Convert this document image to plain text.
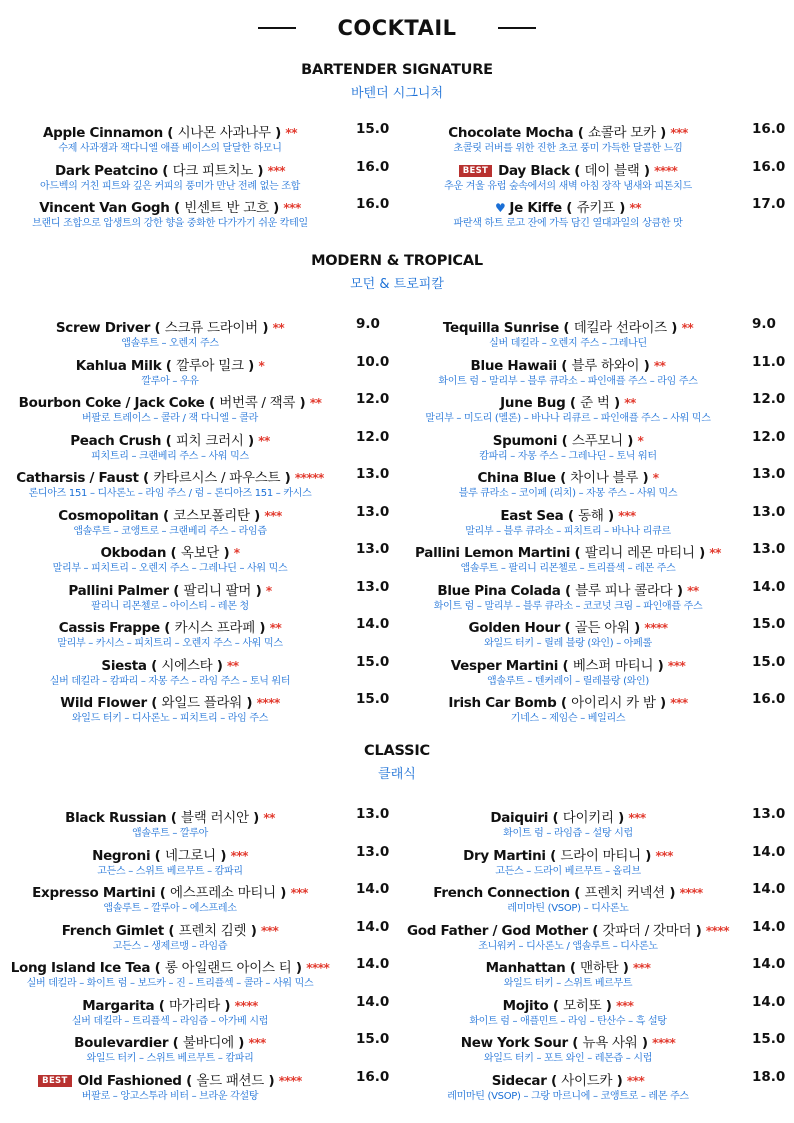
COCKTAIL
BARTENDER SIGNATURE
바텐더 시그니처
Apple Cinnamon ( 시나몬 사과나무 ) **	15.0
수제 사과잼과 잭다니엘 애플 베이스의 달달한 하모니
Dark Peatcino ( 다크 피트치노 ) ***	16.0
아드벡의 거친 피트와 깊은 커피의 풍미가 만난 전례 없는 조합
Vincent Van Gogh ( 빈센트 반 고흐 ) ***	16.0
브랜디 조합으로 압생트의 강한 향을 중화한 다가가기 쉬운 칵테일
Chocolate Mocha ( 쇼콜라 모카 ) ***	16.0
초콜릿 러버를 위한 진한 초코 풍미 가득한 달콤한 느낌
BEST Day Black ( 데이 블랙 ) ****	16.0
추운 겨울 유럽 숲속에서의 새벽 아침 장작 냄새와 피톤치드
♥ Je Kiffe ( 쥬키프 ) **	17.0
파란색 하트 로고 잔에 가득 담긴 열대과일의 상큼한 맛
MODERN & TROPICAL
모던 & 트로피칼
Screw Driver ( 스크류 드라이버 ) **	9.0
앱솔루트 – 오렌지 주스
Kahlua Milk ( 깔루아 밀크 ) *	10.0
깔루아 – 우유
Bourbon Coke / Jack Coke ( 버번콕 / 잭콕 ) **	12.0
버팔로 트레이스 – 콜라 / 잭 다니엘 – 콜라
Peach Crush ( 피치 크러시 ) **	12.0
피치트리 – 크랜베리 주스 – 사워 믹스
Catharsis / Faust ( 카타르시스 / 파우스트 ) *****	13.0
론디아즈 151 – 디사론노 – 라임 주스 / 럼 – 론디아즈 151 – 카시스
Cosmopolitan ( 코스모폴리탄 ) ***	13.0
앱솔루트 – 코앵트로 – 크랜베리 주스 – 라임즙
Okbodan ( 옥보단 ) *	13.0
말리부 – 피치트리 – 오렌지 주스 – 그레나딘 – 사워 믹스
Pallini Palmer ( 팔리니 팔머 ) *	13.0
팔리니 리몬첼로 – 아이스티 – 레몬 청
Cassis Frappe ( 카시스 프라페 ) **	14.0
말리부 – 카시스 – 피치트리 – 오렌지 주스 – 사워 믹스
Siesta ( 시에스타 ) **	15.0
실버 데킬라 – 캄파리 – 자몽 주스 – 라임 주스 – 토닉 워터
Wild Flower ( 와일드 플라워 ) ****	15.0
와일드 터키 – 디사론노 – 피치트리 – 라임 주스
Tequilla Sunrise ( 데킬라 선라이즈 ) **	9.0
실버 데킬라 – 오렌지 주스 – 그레나딘
Blue Hawaii ( 블루 하와이 ) **	11.0
화이트 럼 – 말리부 – 블루 큐라소 – 파인애플 주스 – 라임 주스
June Bug ( 준 벅 ) **	12.0
말리부 – 미도리 (멜론) – 바나나 리큐르 – 파인애플 주스 – 사워 믹스
Spumoni ( 스푸모니 ) *	12.0
캄파리 – 자몽 주스 – 그레나딘 – 토닉 워터
China Blue ( 차이나 블루 ) *	13.0
블루 큐라소 – 코이페 (리치) – 자몽 주스 – 사워 믹스
East Sea ( 동해 ) ***	13.0
말리부 – 블루 큐라소 – 피치트리 – 바나나 리큐르
Pallini Lemon Martini ( 팔리니 레몬 마티니 ) **	13.0
앱솔루트 – 팔리니 리몬첼로 – 트리플섹 – 레몬 주스
Blue Pina Colada ( 블루 피나 콜라다 ) **	14.0
화이트 럼 – 말리부 – 블루 큐라소 – 코코넛 크림 – 파인애플 주스
Golden Hour ( 골든 아워 ) ****	15.0
와일드 터키 – 릴레 블랑 (와인) – 아페롤
Vesper Martini ( 베스퍼 마티니 ) ***	15.0
앱솔루트 – 텐커레이 – 릴레블랑 (와인)
Irish Car Bomb ( 아이리시 카 밤 ) ***	16.0
기네스 – 제임슨 – 베일리스
CLASSIC
클래식
Black Russian ( 블랙 러시안 ) **	13.0
앱솔루트 – 깔루아
Negroni ( 네그로니 ) ***	13.0
고든스 – 스위트 베르무트 – 캄파리
Expresso Martini ( 에스프레소 마티니 ) ***	14.0
앱솔루트 – 깔루아 – 에스프레소
French Gimlet ( 프렌치 김렛 ) ***	14.0
고든스 – 생제르맹 – 라임즙
Long Island Ice Tea ( 롱 아일랜드 아이스 티 ) ****	14.0
실버 데킬라 – 화이트 럼 – 보드카 – 진 – 트리플섹 – 콜라 – 사워 믹스
Margarita ( 마가리타 ) ****	14.0
실버 데킬라 – 트리플섹 – 라임즙 – 아가베 시럽
Boulevardier ( 불바디에 ) ***	15.0
와일드 터키 – 스위트 베르무트 – 캄파리
BEST Old Fashioned ( 올드 패션드 ) ****	16.0
버팔로 – 앙고스투라 비터 – 브라운 각설탕
Daiquiri ( 다이키리 ) ***	13.0
화이트 럼 – 라임즙 – 설탕 시럽
Dry Martini ( 드라이 마티니 ) ***	14.0
고든스 – 드라이 베르무트 – 올리브
French Connection ( 프렌치 커넥션 ) ****	14.0
레미마틴 (VSOP) – 디사론노
God Father / God Mother ( 갓파더 / 갓마더 ) ****	14.0
조니워커 – 디사론노 / 앱솔루트 – 디사론노
Manhattan ( 맨하탄 ) ***	14.0
와일드 터키 – 스위트 베르무트
Mojito ( 모히또 ) ***	14.0
화이트 럼 – 애플민트 – 라임 – 탄산수 – 흑 설탕
New York Sour ( 뉴욕 사워 ) ****	15.0
와일드 터키 – 포트 와인 – 레몬즙 – 시럽
Sidecar ( 사이드카 ) ***	18.0
레미마틴 (VSOP) – 그랑 마르니에 – 코앵트로 – 레몬 주스
